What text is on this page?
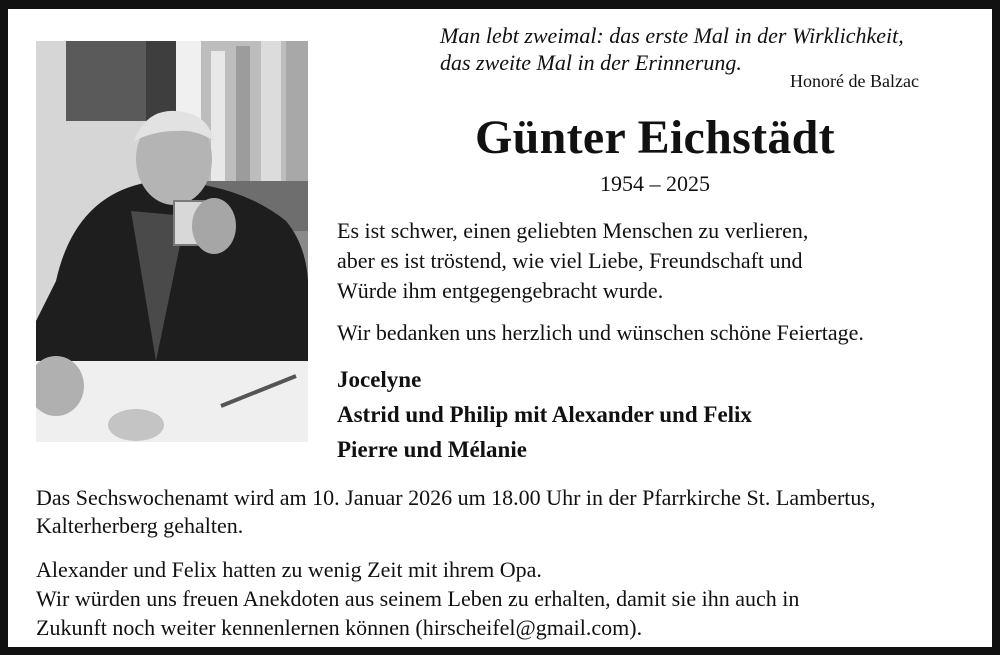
Man lebt zweimal: das erste Mal in der Wirklichkeit,
das zweite Mal in der Erinnerung.
Honoré de Balzac
Günter Eichstädt
1954 – 2025
Es ist schwer, einen geliebten Menschen zu verlieren,
aber es ist tröstend, wie viel Liebe, Freundschaft und
Würde ihm entgegengebracht wurde.
Wir bedanken uns herzlich und wünschen schöne Feiertage.
Jocelyne
Astrid und Philip mit Alexander und Felix
Pierre und Mélanie
Das Sechswochenamt wird am 10. Januar 2026 um 18.00 Uhr in der Pfarrkirche St. Lambertus,
Kalterherberg gehalten.
Alexander und Felix hatten zu wenig Zeit mit ihrem Opa.
Wir würden uns freuen Anekdoten aus seinem Leben zu erhalten, damit sie ihn auch in
Zukunft noch weiter kennenlernen können (hirscheifel@gmail.com).
